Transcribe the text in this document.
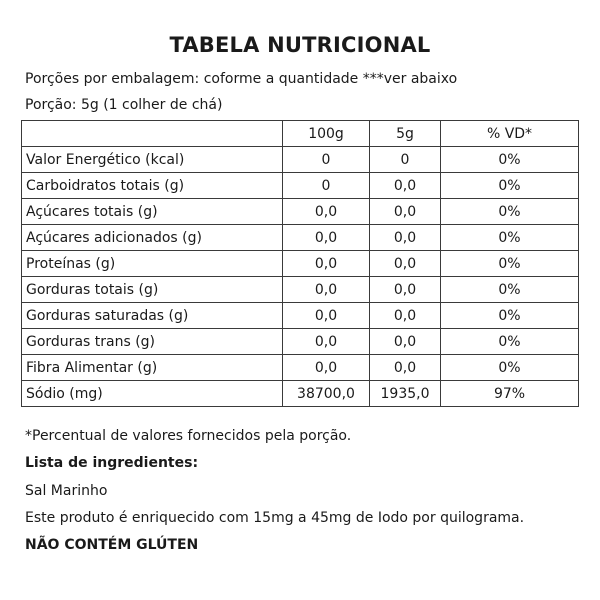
TABELA NUTRICIONAL
Porções por embalagem: coforme a quantidade ***ver abaixo
Porção: 5g (1 colher de chá)
	100g	5g	% VD*
Valor Energético (kcal)	0	0	0%
Carboidratos totais (g)	0	0,0	0%
Açúcares totais (g)	0,0	0,0	0%
Açúcares adicionados (g)	0,0	0,0	0%
Proteínas (g)	0,0	0,0	0%
Gorduras totais (g)	0,0	0,0	0%
Gorduras saturadas (g)	0,0	0,0	0%
Gorduras trans (g)	0,0	0,0	0%
Fibra Alimentar (g)	0,0	0,0	0%
Sódio (mg)	38700,0	1935,0	97%
*Percentual de valores fornecidos pela porção.
Lista de ingredientes:
Sal Marinho
Este produto é enriquecido com 15mg a 45mg de Iodo por quilograma.
NÃO CONTÉM GLÚTEN
